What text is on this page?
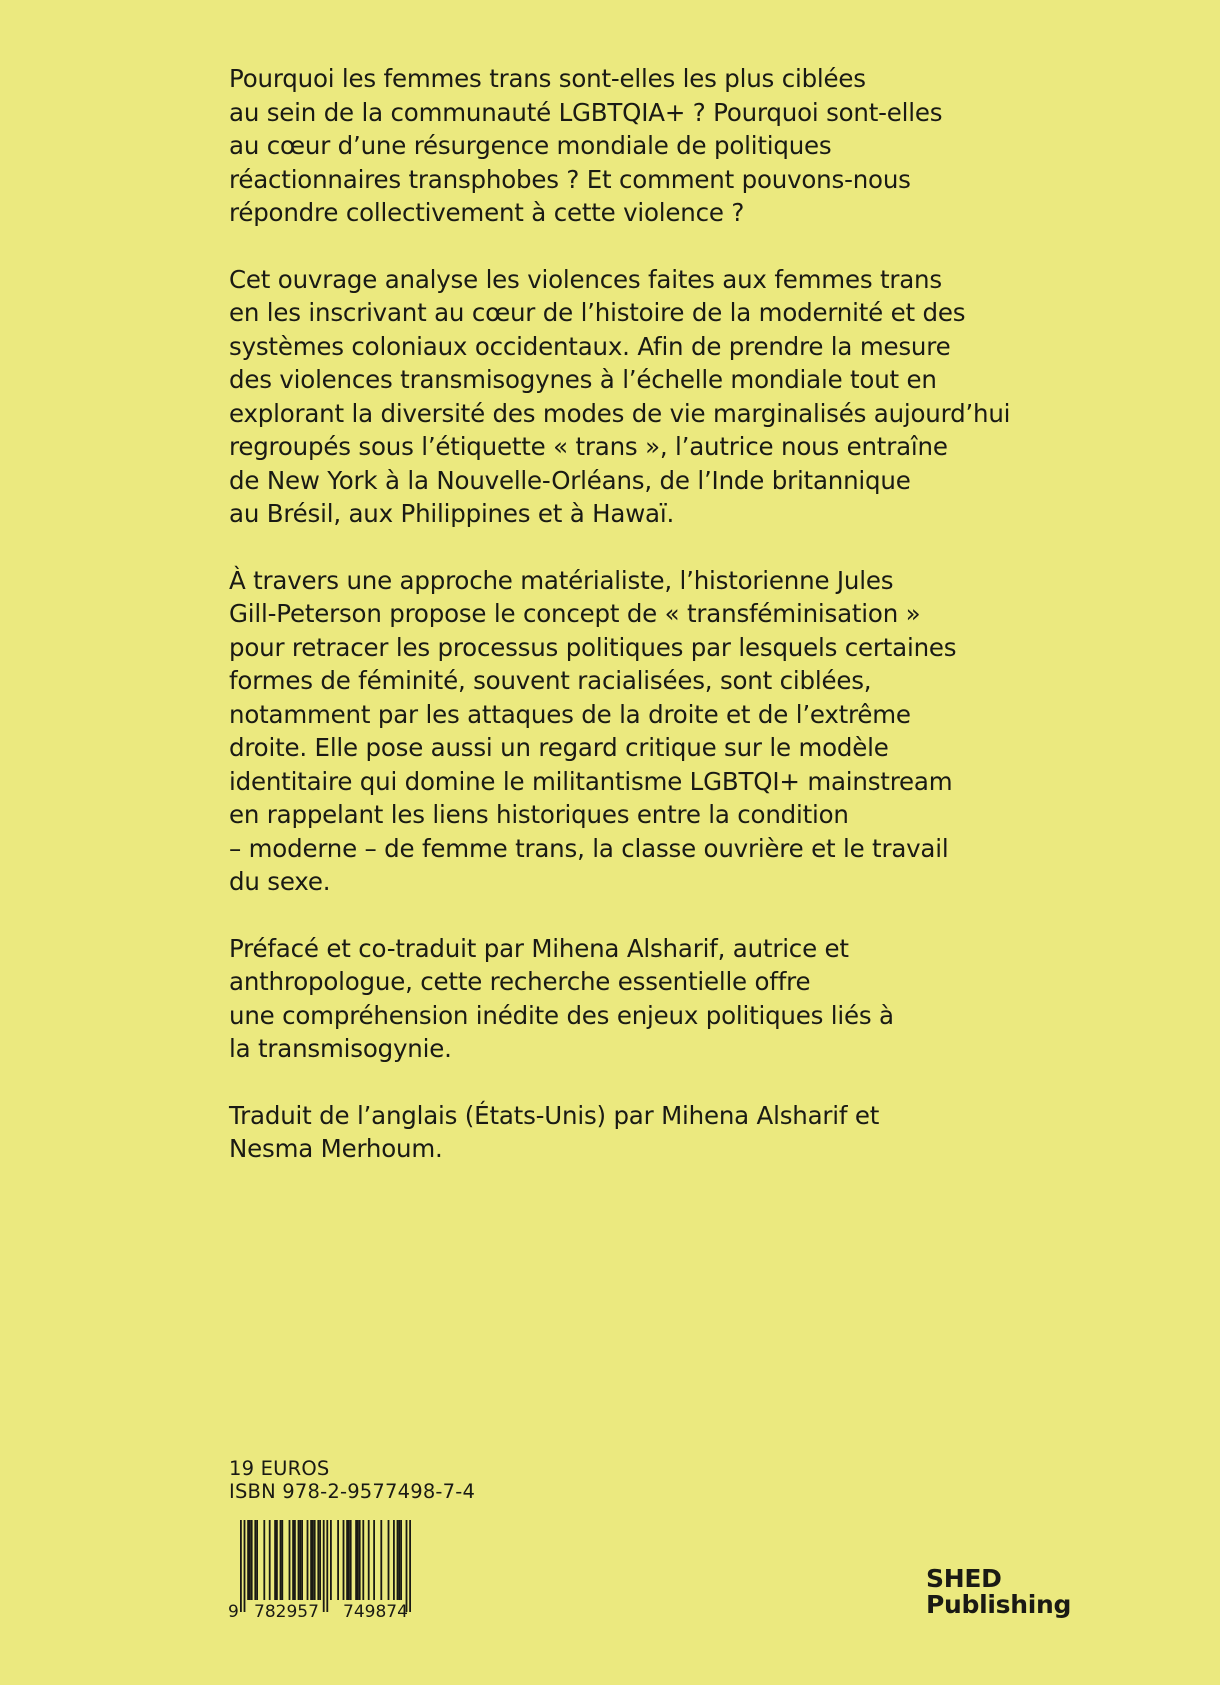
Pourquoi les femmes trans sont-elles les plus ciblées
au sein de la communauté LGBTQIA+ ? Pourquoi sont-elles
au cœur d’une résurgence mondiale de politiques
réactionnaires transphobes ? Et comment pouvons-nous
répondre collectivement à cette violence ?
Cet ouvrage analyse les violences faites aux femmes trans
en les inscrivant au cœur de l’histoire de la modernité et des
systèmes coloniaux occidentaux. Afin de prendre la mesure
des violences transmisogynes à l’échelle mondiale tout en
explorant la diversité des modes de vie marginalisés aujourd’hui
regroupés sous l’étiquette « trans », l’autrice nous entraîne
de New York à la Nouvelle-Orléans, de l’Inde britannique
au Brésil, aux Philippines et à Hawaï.
À travers une approche matérialiste, l’historienne Jules
Gill-Peterson propose le concept de « transféminisation »
pour retracer les processus politiques par lesquels certaines
formes de féminité, souvent racialisées, sont ciblées,
notamment par les attaques de la droite et de l’extrême
droite. Elle pose aussi un regard critique sur le modèle
identitaire qui domine le militantisme LGBTQI+ mainstream
en rappelant les liens historiques entre la condition
– moderne – de femme trans, la classe ouvrière et le travail
du sexe.
Préfacé et co-traduit par Mihena Alsharif, autrice et
anthropologue, cette recherche essentielle offre
une compréhension inédite des enjeux politiques liés à
la transmisogynie.
Traduit de l’anglais (États-Unis) par Mihena Alsharif et
Nesma Merhoum.
19 EUROS
ISBN 978-2-9577498-7-4
9 782957 749874
SHED
Publishing
